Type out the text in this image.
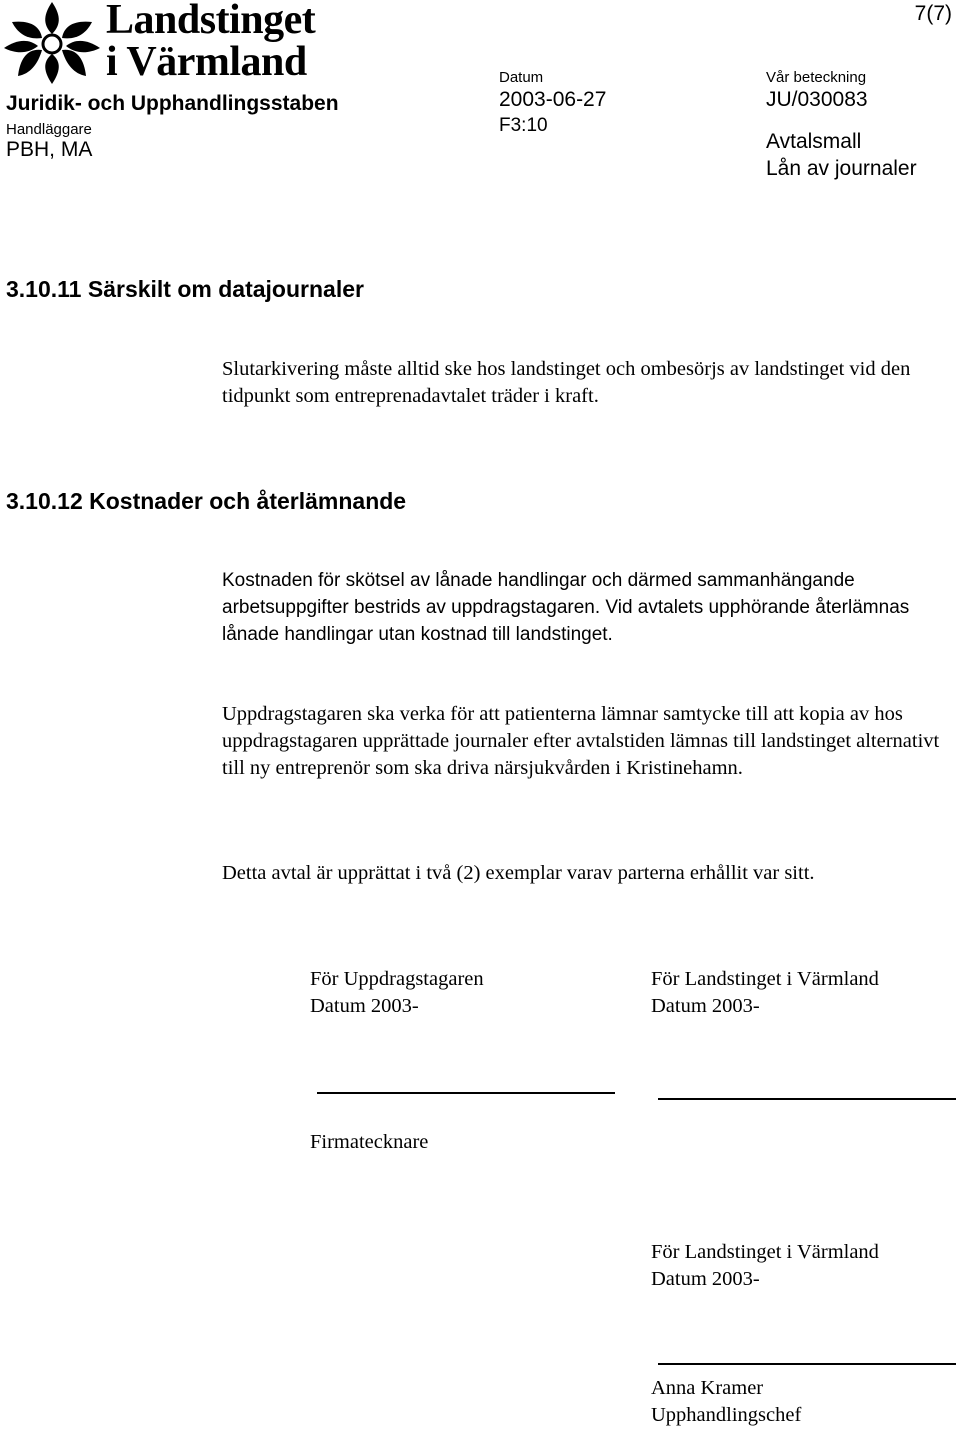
Landstinget
i Värmland
7(7)
Juridik- och Upphandlingsstaben
Handläggare
PBH, MA
Datum
2003-06-27
F3:10
Vår beteckning
JU/030083
Avtalsmall
Lån av journaler
3.10.11 Särskilt om datajournaler
Slutarkivering måste alltid ske hos landstinget och ombesörjs av landstinget vid den tidpunkt som entreprenadavtalet träder i kraft.
3.10.12 Kostnader och återlämnande
Kostnaden för skötsel av lånade handlingar och därmed sammanhängande arbetsuppgifter bestrids av uppdragstagaren. Vid avtalets upphörande återlämnas lånade handlingar utan kostnad till landstinget.
Uppdragstagaren ska verka för att patienterna lämnar samtycke till att kopia av hos uppdragstagaren upprättade journaler efter avtalstiden lämnas till landstinget alternativt till ny entreprenör som ska driva närsjukvården i Kristinehamn.
Detta avtal är upprättat i två (2) exemplar varav parterna erhållit var sitt.
För Uppdragstagaren
Datum 2003-
För Landstinget i Värmland
Datum 2003-
Firmatecknare
För Landstinget i Värmland
Datum 2003-
Anna Kramer
Upphandlingschef
